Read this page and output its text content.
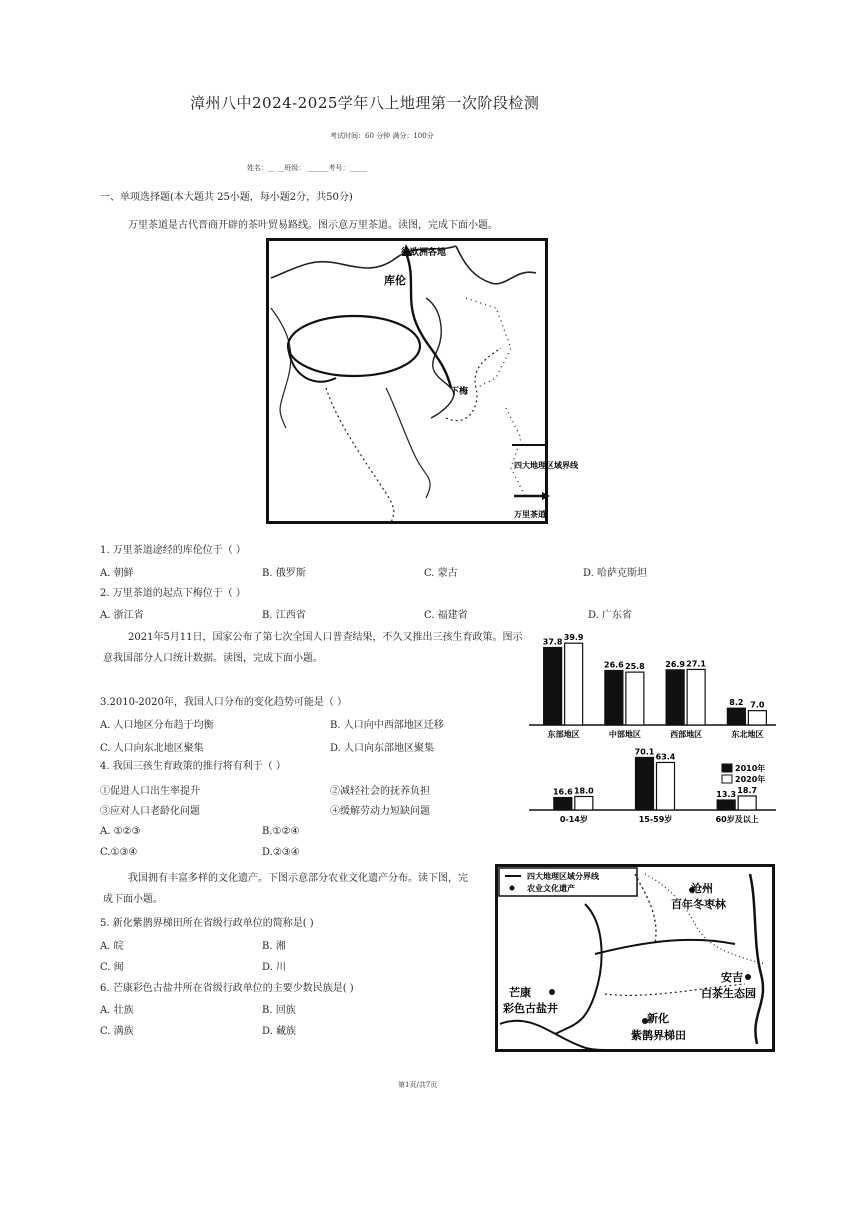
漳州八中2024-2025学年八上地理第一次阶段检测
考试时间：60 分钟 满分：100分
姓名：__ __班级： ______考号：_____
一、单项选择题(本大题共 25小题，每小题2分，共50分)
万里茶道是古代晋商开辟的茶叶贸易路线。图示意万里茶道。读图，完成下面小题。
往欧洲各地
库伦
下梅
四大地理区域界线
万里茶道
1. 万里茶道途经的库伦位于（ ）
A. 朝鲜	B. 俄罗斯	C. 蒙古	D. 哈萨克斯坦
2. 万里茶道的起点下梅位于（ ）
A. 浙江省	B. 江西省	C. 福建省	D. 广东省
2021年5月11日，国家公布了第七次全国人口普查结果，不久又推出三孩生育政策。图示
意我国部分人口统计数据。读图，完成下面小题。
37.8 39.9
东部地区
26.6 25.8
中部地区
26.9 27.1
西部地区
8.2 7.0
东北地区
16.6 18.0
0-14岁
70.1
63.4
15-59岁
13.3 18.7
60岁及以上
2010年
2020年
3.2010-2020年，我国人口分布的变化趋势可能是（ ）
A. 人口地区分布趋于均衡	B. 人口向中西部地区迁移
C. 人口向东北地区聚集	D. 人口向东部地区聚集
4. 我国三孩生育政策的推行将有利于（ ）
①促进人口出生率提升	②减轻社会的抚养负担
③应对人口老龄化问题	④缓解劳动力短缺问题
A. ①②③	B.①②④
C.①③④	D.②③④
我国拥有丰富多样的文化遗产。下图示意部分农业文化遗产分布。读下图，完
成下面小题。
5. 新化紫鹊界梯田所在省级行政单位的简称是( )
A. 皖	B. 湘
C. 闽	D. 川
6. 芒康彩色古盐井所在省级行政单位的主要少数民族是( )
A. 壮族	B. 回族
C. 满族	D. 藏族
四大地理区域分界线
农业文化遗产
芒康
彩色古盐井
沧州
百年冬枣林
安吉
白茶生态园
新化
紫鹊界梯田
第1页/共7页
